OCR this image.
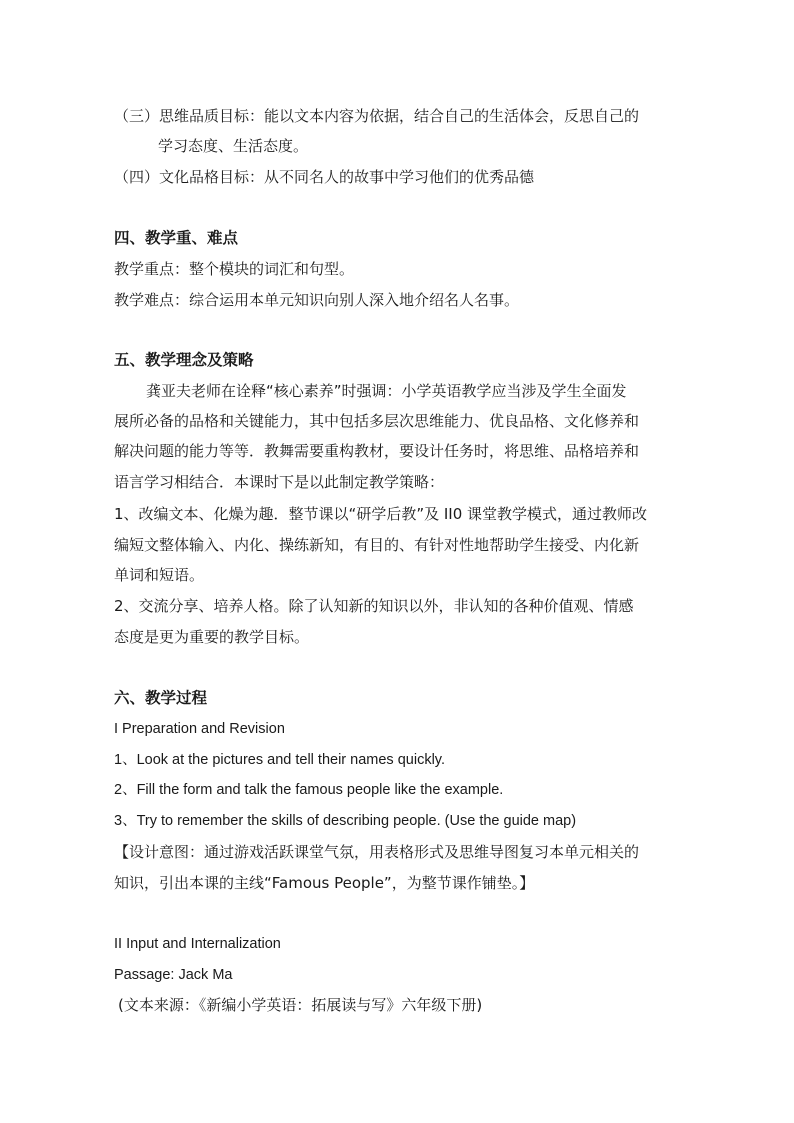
（三）思维品质目标：能以文本内容为依据，结合自己的生活体会，反思自己的
学习态度、生活态度。
（四）文化品格目标：从不同名人的故事中学习他们的优秀品德
四、教学重、难点
教学重点：整个模块的词汇和句型。
教学难点：综合运用本单元知识向别人深入地介绍名人名事。
五、教学理念及策略
龚亚夫老师在诠释“核心素养”时强调：小学英语教学应当涉及学生全面发
展所必备的品格和关键能力，其中包括多层次思维能力、优良品格、文化修养和
解决问题的能力等等．教舞需要重构教材，要设计任务时，将思维、品格培养和
语言学习相结合．本课时下是以此制定教学策略：
1、改编文本、化燥为趣．整节课以“研学后教”及 II0 课堂教学模式，通过教师改
编短文整体输入、内化、操练新知，有目的、有针对性地帮助学生接受、内化新
单词和短语。
2、交流分享、培养人格。除了认知新的知识以外，非认知的各种价值观、情感
态度是更为重要的教学目标。
六、教学过程
I Preparation and Revision
1、Look at the pictures and tell their names quickly.
2、Fill the form and talk the famous people like the example.
3、Try to remember the skills of describing people. (Use the guide map)
【设计意图：通过游戏活跃课堂气氛，用表格形式及思维导图复习本单元相关的
知识，引出本课的主线“Famous People”，为整节课作铺垫。】
II Input and Internalization
Passage: Jack Ma
(文本来源：《新编小学英语：拓展读与写》六年级下册)
